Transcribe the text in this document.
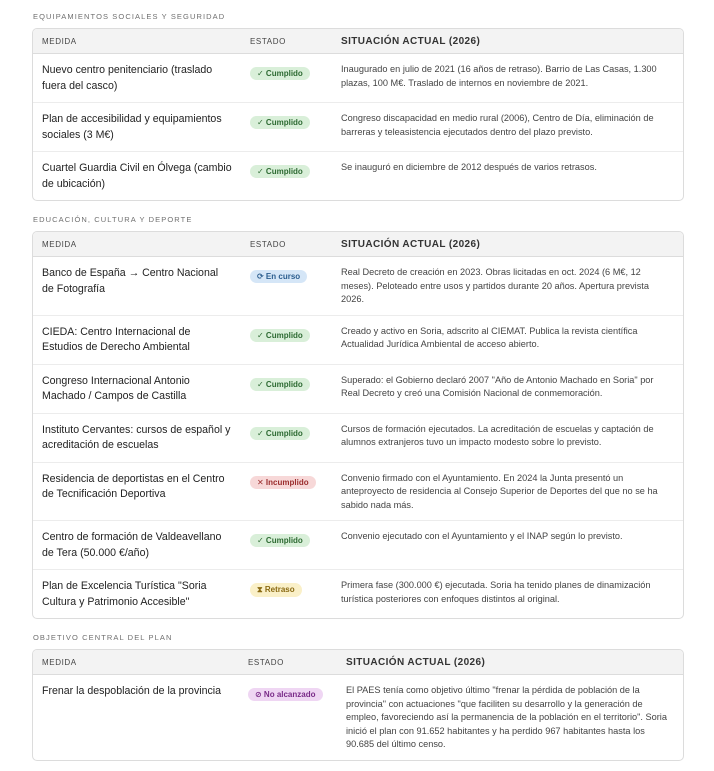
EQUIPAMIENTOS SOCIALES Y SEGURIDAD
MEDIDA	ESTADO	SITUACIÓN ACTUAL (2026)
Nuevo centro penitenciario (traslado fuera del casco)	✓ Cumplido	Inaugurado en julio de 2021 (16 años de retraso). Barrio de Las Casas, 1.300 plazas, 100 M€. Traslado de internos en noviembre de 2021.
Plan de accesibilidad y equipamientos sociales (3 M€)	✓ Cumplido	Congreso discapacidad en medio rural (2006), Centro de Día, eliminación de barreras y teleasistencia ejecutados dentro del plazo previsto.
Cuartel Guardia Civil en Ólvega (cambio de ubicación)	✓ Cumplido	Se inauguró en diciembre de 2012 después de varios retrasos.
EDUCACIÓN, CULTURA Y DEPORTE
MEDIDA	ESTADO	SITUACIÓN ACTUAL (2026)
Banco de España → Centro Nacional de Fotografía	⟳ En curso	Real Decreto de creación en 2023. Obras licitadas en oct. 2024 (6 M€, 12 meses). Peloteado entre usos y partidos durante 20 años. Apertura prevista 2026.
CIEDA: Centro Internacional de Estudios de Derecho Ambiental	✓ Cumplido	Creado y activo en Soria, adscrito al CIEMAT. Publica la revista científica Actualidad Jurídica Ambiental de acceso abierto.
Congreso Internacional Antonio Machado / Campos de Castilla	✓ Cumplido	Superado: el Gobierno declaró 2007 "Año de Antonio Machado en Soria" por Real Decreto y creó una Comisión Nacional de conmemoración.
Instituto Cervantes: cursos de español y acreditación de escuelas	✓ Cumplido	Cursos de formación ejecutados. La acreditación de escuelas y captación de alumnos extranjeros tuvo un impacto modesto sobre lo previsto.
Residencia de deportistas en el Centro de Tecnificación Deportiva	✕ Incumplido	Convenio firmado con el Ayuntamiento. En 2024 la Junta presentó un anteproyecto de residencia al Consejo Superior de Deportes del que no se ha sabido nada más.
Centro de formación de Valdeavellano de Tera (50.000 €/año)	✓ Cumplido	Convenio ejecutado con el Ayuntamiento y el INAP según lo previsto.
Plan de Excelencia Turística "Soria Cultura y Patrimonio Accesible"	⧗ Retraso	Primera fase (300.000 €) ejecutada. Soria ha tenido planes de dinamización turística posteriores con enfoques distintos al original.
OBJETIVO CENTRAL DEL PLAN
MEDIDA	ESTADO	SITUACIÓN ACTUAL (2026)
Frenar la despoblación de la provincia	⊘ No alcanzado	El PAES tenía como objetivo último "frenar la pérdida de población de la provincia" con actuaciones "que faciliten su desarrollo y la generación de empleo, favoreciendo así la permanencia de la población en el territorio". Soria inició el plan con 91.652 habitantes y ha perdido 967 habitantes hasta los 90.685 del último censo.
